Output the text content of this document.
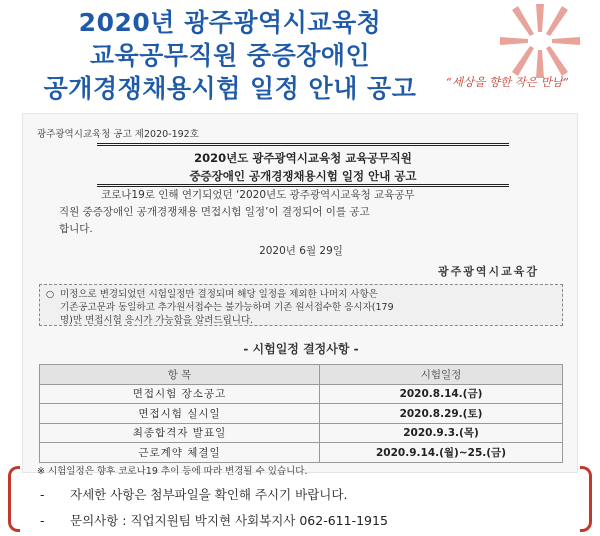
2020년 광주광역시교육청
교육공무직원 중증장애인
공개경쟁채용시험 일정 안내 공고	“세상을 향한 작은 만남”
광주광역시교육청 공고 제2020-192호
2020년도 광주광역시교육청 교육공무직원
중증장애인 공개경쟁채용시험 일정 안내 공고
코로나19로 인해 연기되었던 ‘2020년도 광주광역시교육청 교육공무
직원 중증장애인 공개경쟁채용 면접시험 일정’이 결정되어 이를 공고
합니다.
2020년 6월 29일
광주광역시교육감
○ 미정으로 변경되었던 시험일정만 결정되며 해당 일정을 제외한 나머지 사항은
기존공고문과 동일하고 추가원서접수는 불가능하며 기존 원서접수한 응시자(179
명)만 면접시험 응시가 가능함을 알려드립니다.
- 시험일정 결정사항 -
항 목	시험일정
면접시험 장소공고	2020.8.14.(금)
면접시험 실시일	2020.8.29.(토)
최종합격자 발표일	2020.9.3.(목)
근로계약 체결일	2020.9.14.(월)~25.(금)
※ 시험일정은 향후 코로나19 추이 등에 따라 변경될 수 있습니다.
- 자세한 사항은 첨부파일을 확인해 주시기 바랍니다.
- 문의사항 : 직업지원팀 박지현 사회복지사 062-611-1915
